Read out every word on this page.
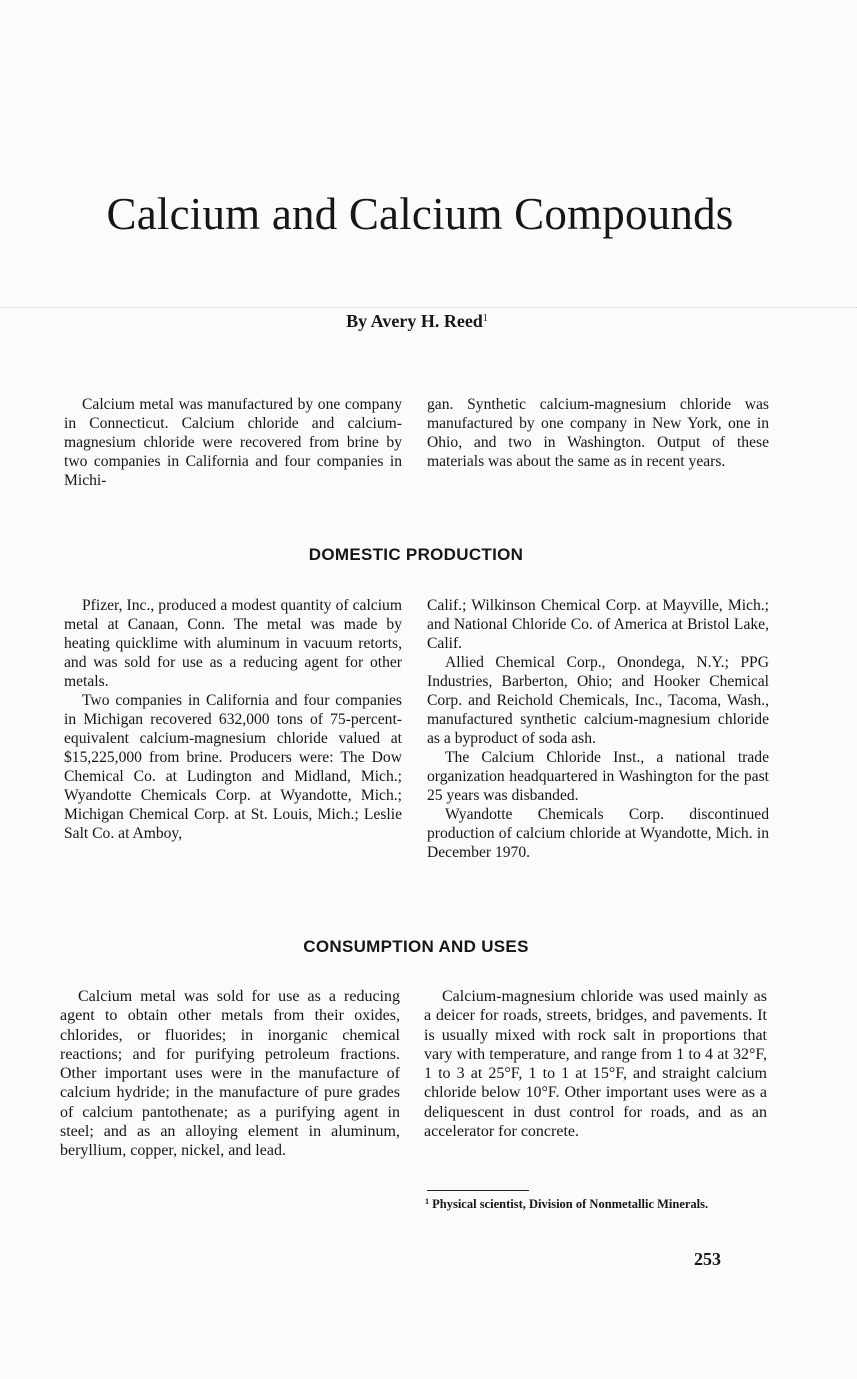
Calcium and Calcium Compounds
By Avery H. Reed$^1$

Calcium metal was manufactured by one company in Connecticut. Calcium chloride and calcium-magnesium chloride were recovered from brine by two companies in California and four companies in Michi-

gan. Synthetic calcium-magnesium chloride was manufactured by one company in New York, one in Ohio, and two in Washington. Output of these materials was about the same as in recent years.

DOMESTIC PRODUCTION

Pfizer, Inc., produced a modest quantity of calcium metal at Canaan, Conn. The metal was made by heating quicklime with aluminum in vacuum retorts, and was sold for use as a reducing agent for other metals.

Two companies in California and four companies in Michigan recovered 632,000 tons of 75-percent-equivalent calcium-magnesium chloride valued at $15,225,000 from brine. Producers were: The Dow Chemical Co. at Ludington and Midland, Mich.; Wyandotte Chemicals Corp. at Wyandotte, Mich.; Michigan Chemical Corp. at St. Louis, Mich.; Leslie Salt Co. at Amboy,

Calif.; Wilkinson Chemical Corp. at Mayville, Mich.; and National Chloride Co. of America at Bristol Lake, Calif.

Allied Chemical Corp., Onondega, N.Y.; PPG Industries, Barberton, Ohio; and Hooker Chemical Corp. and Reichold Chemicals, Inc., Tacoma, Wash., manufactured synthetic calcium-magnesium chloride as a byproduct of soda ash.

The Calcium Chloride Inst., a national trade organization headquartered in Washington for the past 25 years was disbanded.

Wyandotte Chemicals Corp. discontinued production of calcium chloride at Wyandotte, Mich. in December 1970.

CONSUMPTION AND USES

Calcium metal was sold for use as a reducing agent to obtain other metals from their oxides, chlorides, or fluorides; in inorganic chemical reactions; and for purifying petroleum fractions. Other important uses were in the manufacture of calcium hydride; in the manufacture of pure grades of calcium pantothenate; as a purifying agent in steel; and as an alloying element in aluminum, beryllium, copper, nickel, and lead.

Calcium-magnesium chloride was used mainly as a deicer for roads, streets, bridges, and pavements. It is usually mixed with rock salt in proportions that vary with temperature, and range from 1 to 4 at 32°F, 1 to 3 at 25°F, 1 to 1 at 15°F, and straight calcium chloride below 10°F. Other important uses were as a deliquescent in dust control for roads, and as an accelerator for concrete.

$^1$ Physical scientist, Division of Nonmetallic Minerals.
253
